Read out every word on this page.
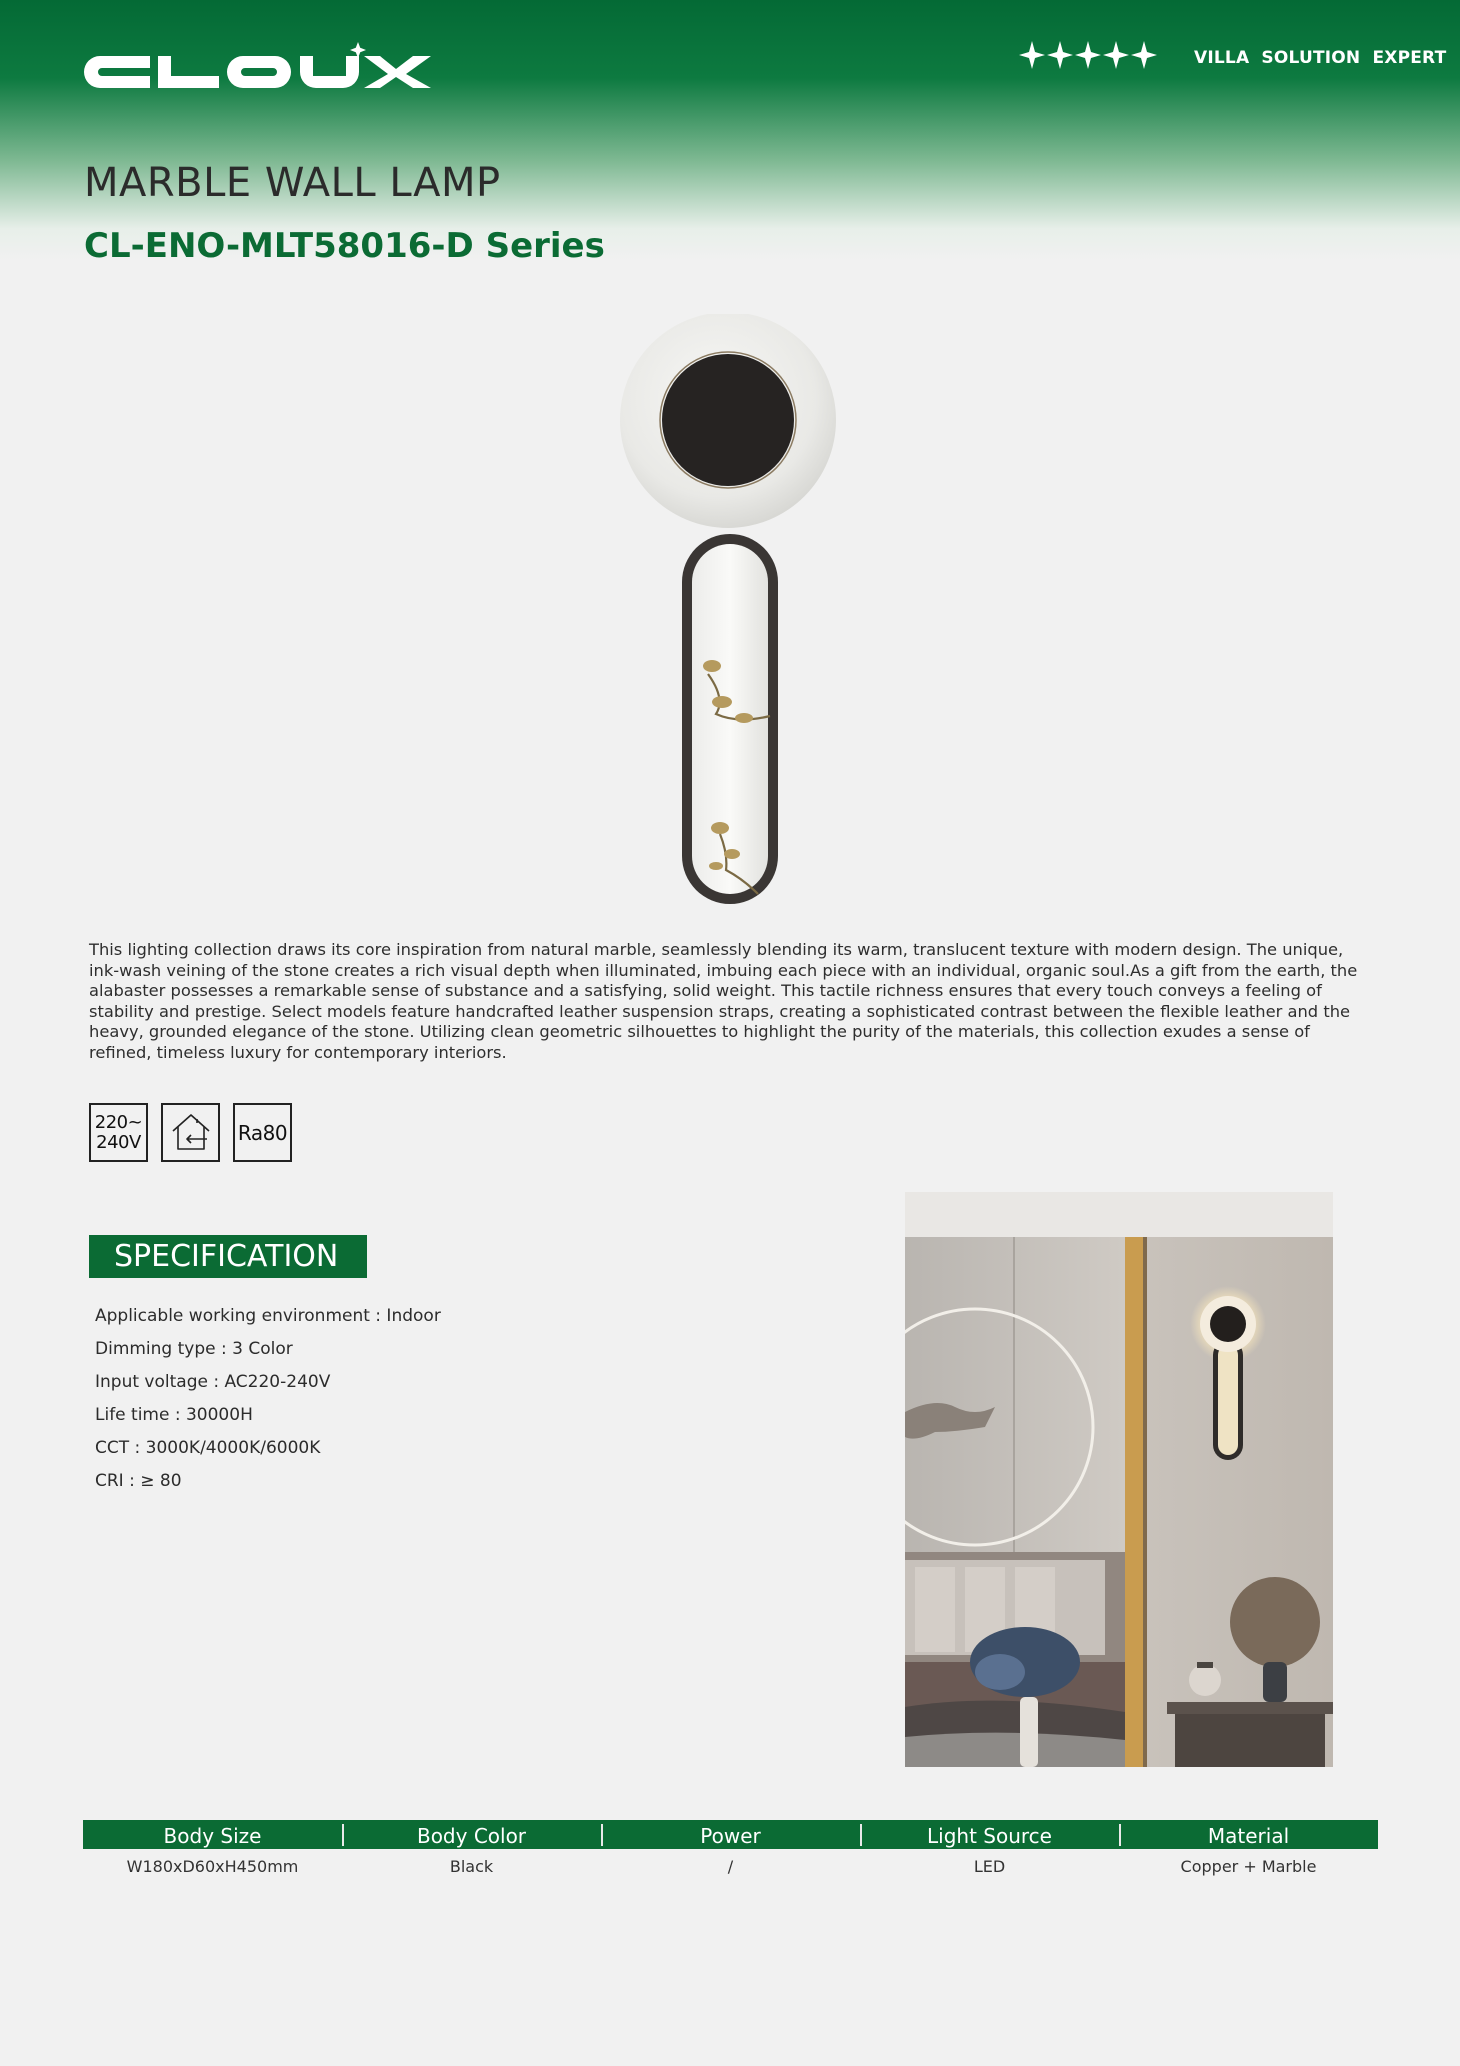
VILLA SOLUTION EXPERT
MARBLE WALL LAMP
CL-ENO-MLT58016-D Series

This lighting collection draws its core inspiration from natural marble, seamlessly blending its warm, translucent texture with modern design. The unique, ink-wash veining of the stone creates a rich visual depth when illuminated, imbuing each piece with an individual, organic soul.As a gift from the earth, the alabaster possesses a remarkable sense of substance and a satisfying, solid weight. This tactile richness ensures that every touch conveys a feeling of stability and prestige. Select models feature handcrafted leather suspension straps, creating a sophisticated contrast between the flexible leather and the heavy, grounded elegance of the stone. Utilizing clean geometric silhouettes to highlight the purity of the materials, this collection exudes a sense of refined, timeless luxury for contemporary interiors.

220~
240V	Ra80
SPECIFICATION
Applicable working environment : Indoor
Dimming type : 3 Color
Input voltage : AC220-240V
Life time : 30000H
CCT : 3000K/4000K/6000K
CRI : ≥ 80
Body Size	Body Color	Power	Light Source	Material
W180xD60xH450mm	Black	/	LED	Copper + Marble
